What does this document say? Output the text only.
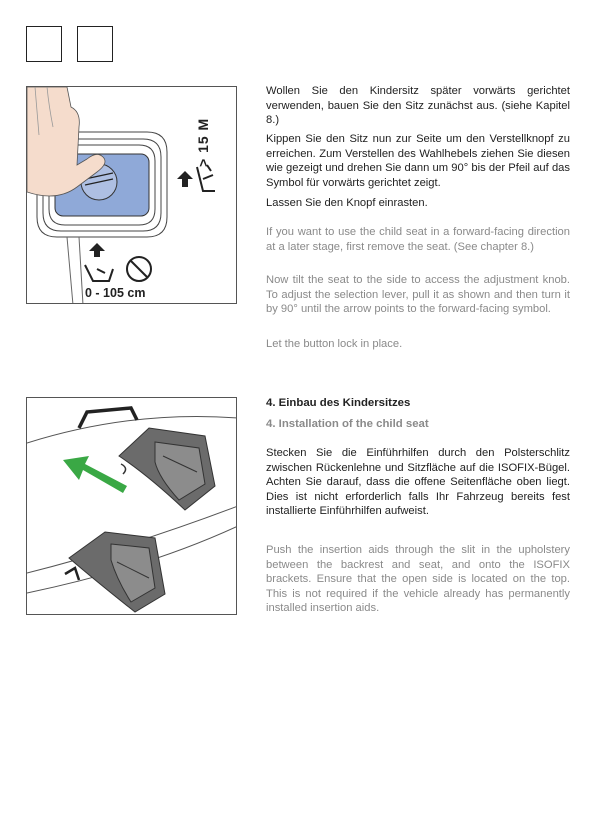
> 15 M
0 - 105 cm

Wollen Sie den Kindersitz später vorwärts gerichtet verwenden, bauen Sie den Sitz zunächst aus. (siehe Kapitel 8.)

Kippen Sie den Sitz nun zur Seite um den Verstellknopf zu erreichen. Zum Verstellen des Wahlhebels ziehen Sie diesen wie gezeigt und drehen Sie dann um 90° bis der Pfeil auf das Symbol für vorwärts gerichtet zeigt.

Lassen Sie den Knopf einrasten.

If you want to use the child seat in a forward-facing direction at a later stage, first remove the seat. (See chapter 8.)

Now tilt the seat to the side to access the adjustment knob. To adjust the selection lever, pull it as shown and then turn it by 90° until the arrow points to the forward-facing symbol.

Let the button lock in place.

4. Einbau des Kindersitzes

4. Installation of the child seat

Stecken Sie die Einführhilfen durch den Polsterschlitz zwischen Rückenlehne und Sitzfläche auf die ISOFIX-Bügel. Achten Sie darauf, dass die offene Seitenfläche oben liegt. Dies ist nicht erforderlich falls Ihr Fahrzeug bereits fest installierte Einführhilfen aufweist.

Push the insertion aids through the slit in the upholstery between the backrest and seat, and onto the ISOFIX brackets. Ensure that the open side is located on the top. This is not required if the vehicle already has permanently installed insertion aids.
